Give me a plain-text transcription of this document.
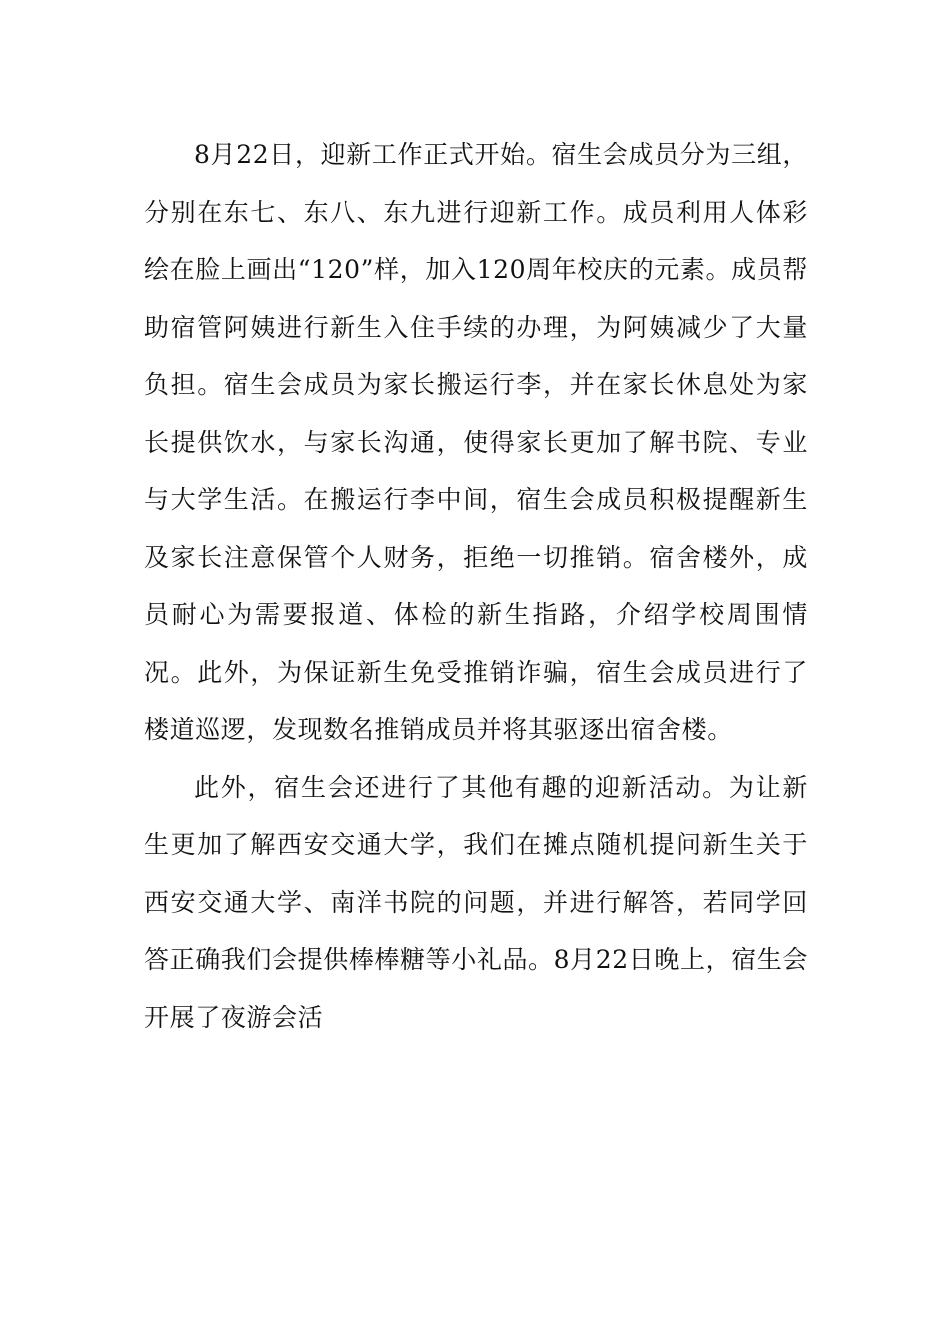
8月22日，迎新工作正式开始。宿生会成员分为三组，分别在东七、东八、东九进行迎新工作。成员利用人体彩绘在脸上画出“120”样，加入120周年校庆的元素。成员帮助宿管阿姨进行新生入住手续的办理，为阿姨减少了大量负担。宿生会成员为家长搬运行李，并在家长休息处为家长提供饮水，与家长沟通，使得家长更加了解书院、专业与大学生活。在搬运行李中间，宿生会成员积极提醒新生及家长注意保管个人财务，拒绝一切推销。宿舍楼外，成员耐心为需要报道、体检的新生指路，介绍学校周围情况。此外，为保证新生免受推销诈骗，宿生会成员进行了楼道巡逻，发现数名推销成员并将其驱逐出宿舍楼。

此外，宿生会还进行了其他有趣的迎新活动。为让新生更加了解西安交通大学，我们在摊点随机提问新生关于西安交通大学、南洋书院的问题，并进行解答，若同学回答正确我们会提供棒棒糖等小礼品。8月22日晚上，宿生会开展了夜游会活
